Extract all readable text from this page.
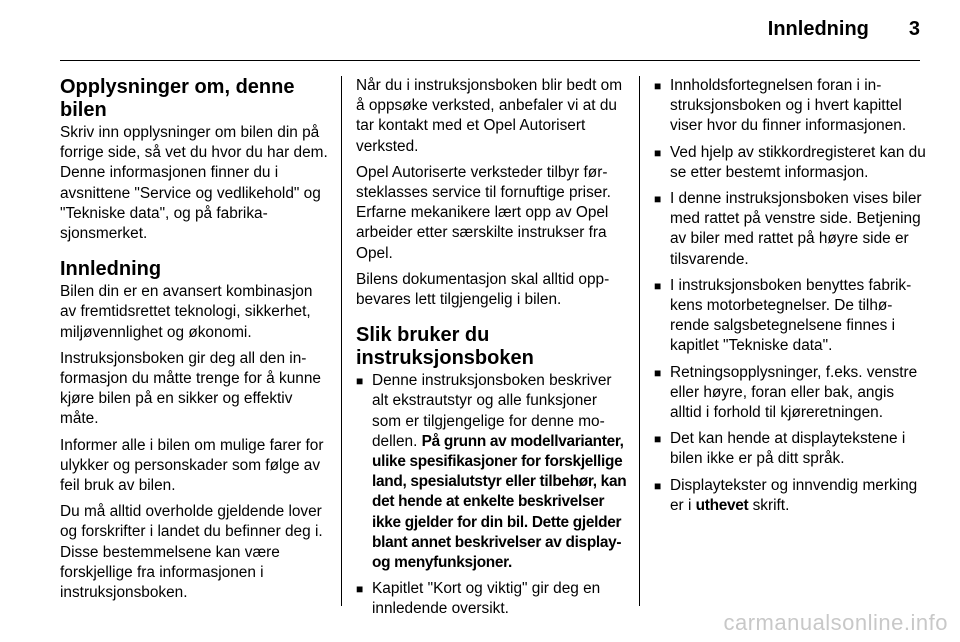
Innledning 3
Opplysninger om, denne bilen

Skriv inn opplysninger om bilen din på forrige side, så vet du hvor du har dem. Denne informasjonen finner du i avsnittene "Service og vedlikehold" og "Tekniske data", og på fabrikasjonsmerket.

Innledning

Bilen din er en avansert kombinasjon av fremtidsrettet teknologi, sikkerhet, miljøvennlighet og økonomi.

Instruksjonsboken gir deg all den informasjon du måtte trenge for å kunne kjøre bilen på en sikker og effektiv måte.

Informer alle i bilen om mulige farer for ulykker og personskader som følge av feil bruk av bilen.

Du må alltid overholde gjeldende lover og forskrifter i landet du befinner deg i. Disse bestemmelsene kan være forskjellige fra informasjonen i instruksjonsboken.

Når du i instruksjonsboken blir bedt om å oppsøke verksted, anbefaler vi at du tar kontakt med et Opel Autorisert verksted.

Opel Autoriserte verksteder tilbyr førsteklasses service til fornuftige priser. Erfarne mekanikere lært opp av Opel arbeider etter særskilte instrukser fra Opel.

Bilens dokumentasjon skal alltid oppbevares lett tilgjengelig i bilen.

Slik bruker du instruksjonsboken
■ Denne instruksjonsboken beskriver alt ekstrautstyr og alle funksjoner som er tilgjengelige for denne modellen. På grunn av modellvarianter, ulike spesifikasjoner for forskjellige land, spesialutstyr eller tilbehør, kan det hende at enkelte beskrivelser ikke gjelder for din bil. Dette gjelder blant annet beskrivelser av display- og menyfunksjoner.
■ Kapitlet "Kort og viktig" gir deg en innledende oversikt.
■ Innholdsfortegnelsen foran i instruksjonsboken og i hvert kapittel viser hvor du finner informasjonen.
■ Ved hjelp av stikkordregisteret kan du se etter bestemt informasjon.
■ I denne instruksjonsboken vises biler med rattet på venstre side. Betjening av biler med rattet på høyre side er tilsvarende.
■ I instruksjonsboken benyttes fabrikkens motorbetegnelser. De tilhørende salgsbetegnelsene finnes i kapitlet "Tekniske data".
■ Retningsopplysninger, f.eks. venstre eller høyre, foran eller bak, angis alltid i forhold til kjøreretningen.
■ Det kan hende at displaytekstene i bilen ikke er på ditt språk.
■ Displaytekster og innvendig merking er i uthevet skrift.
carmanualsonline.info
